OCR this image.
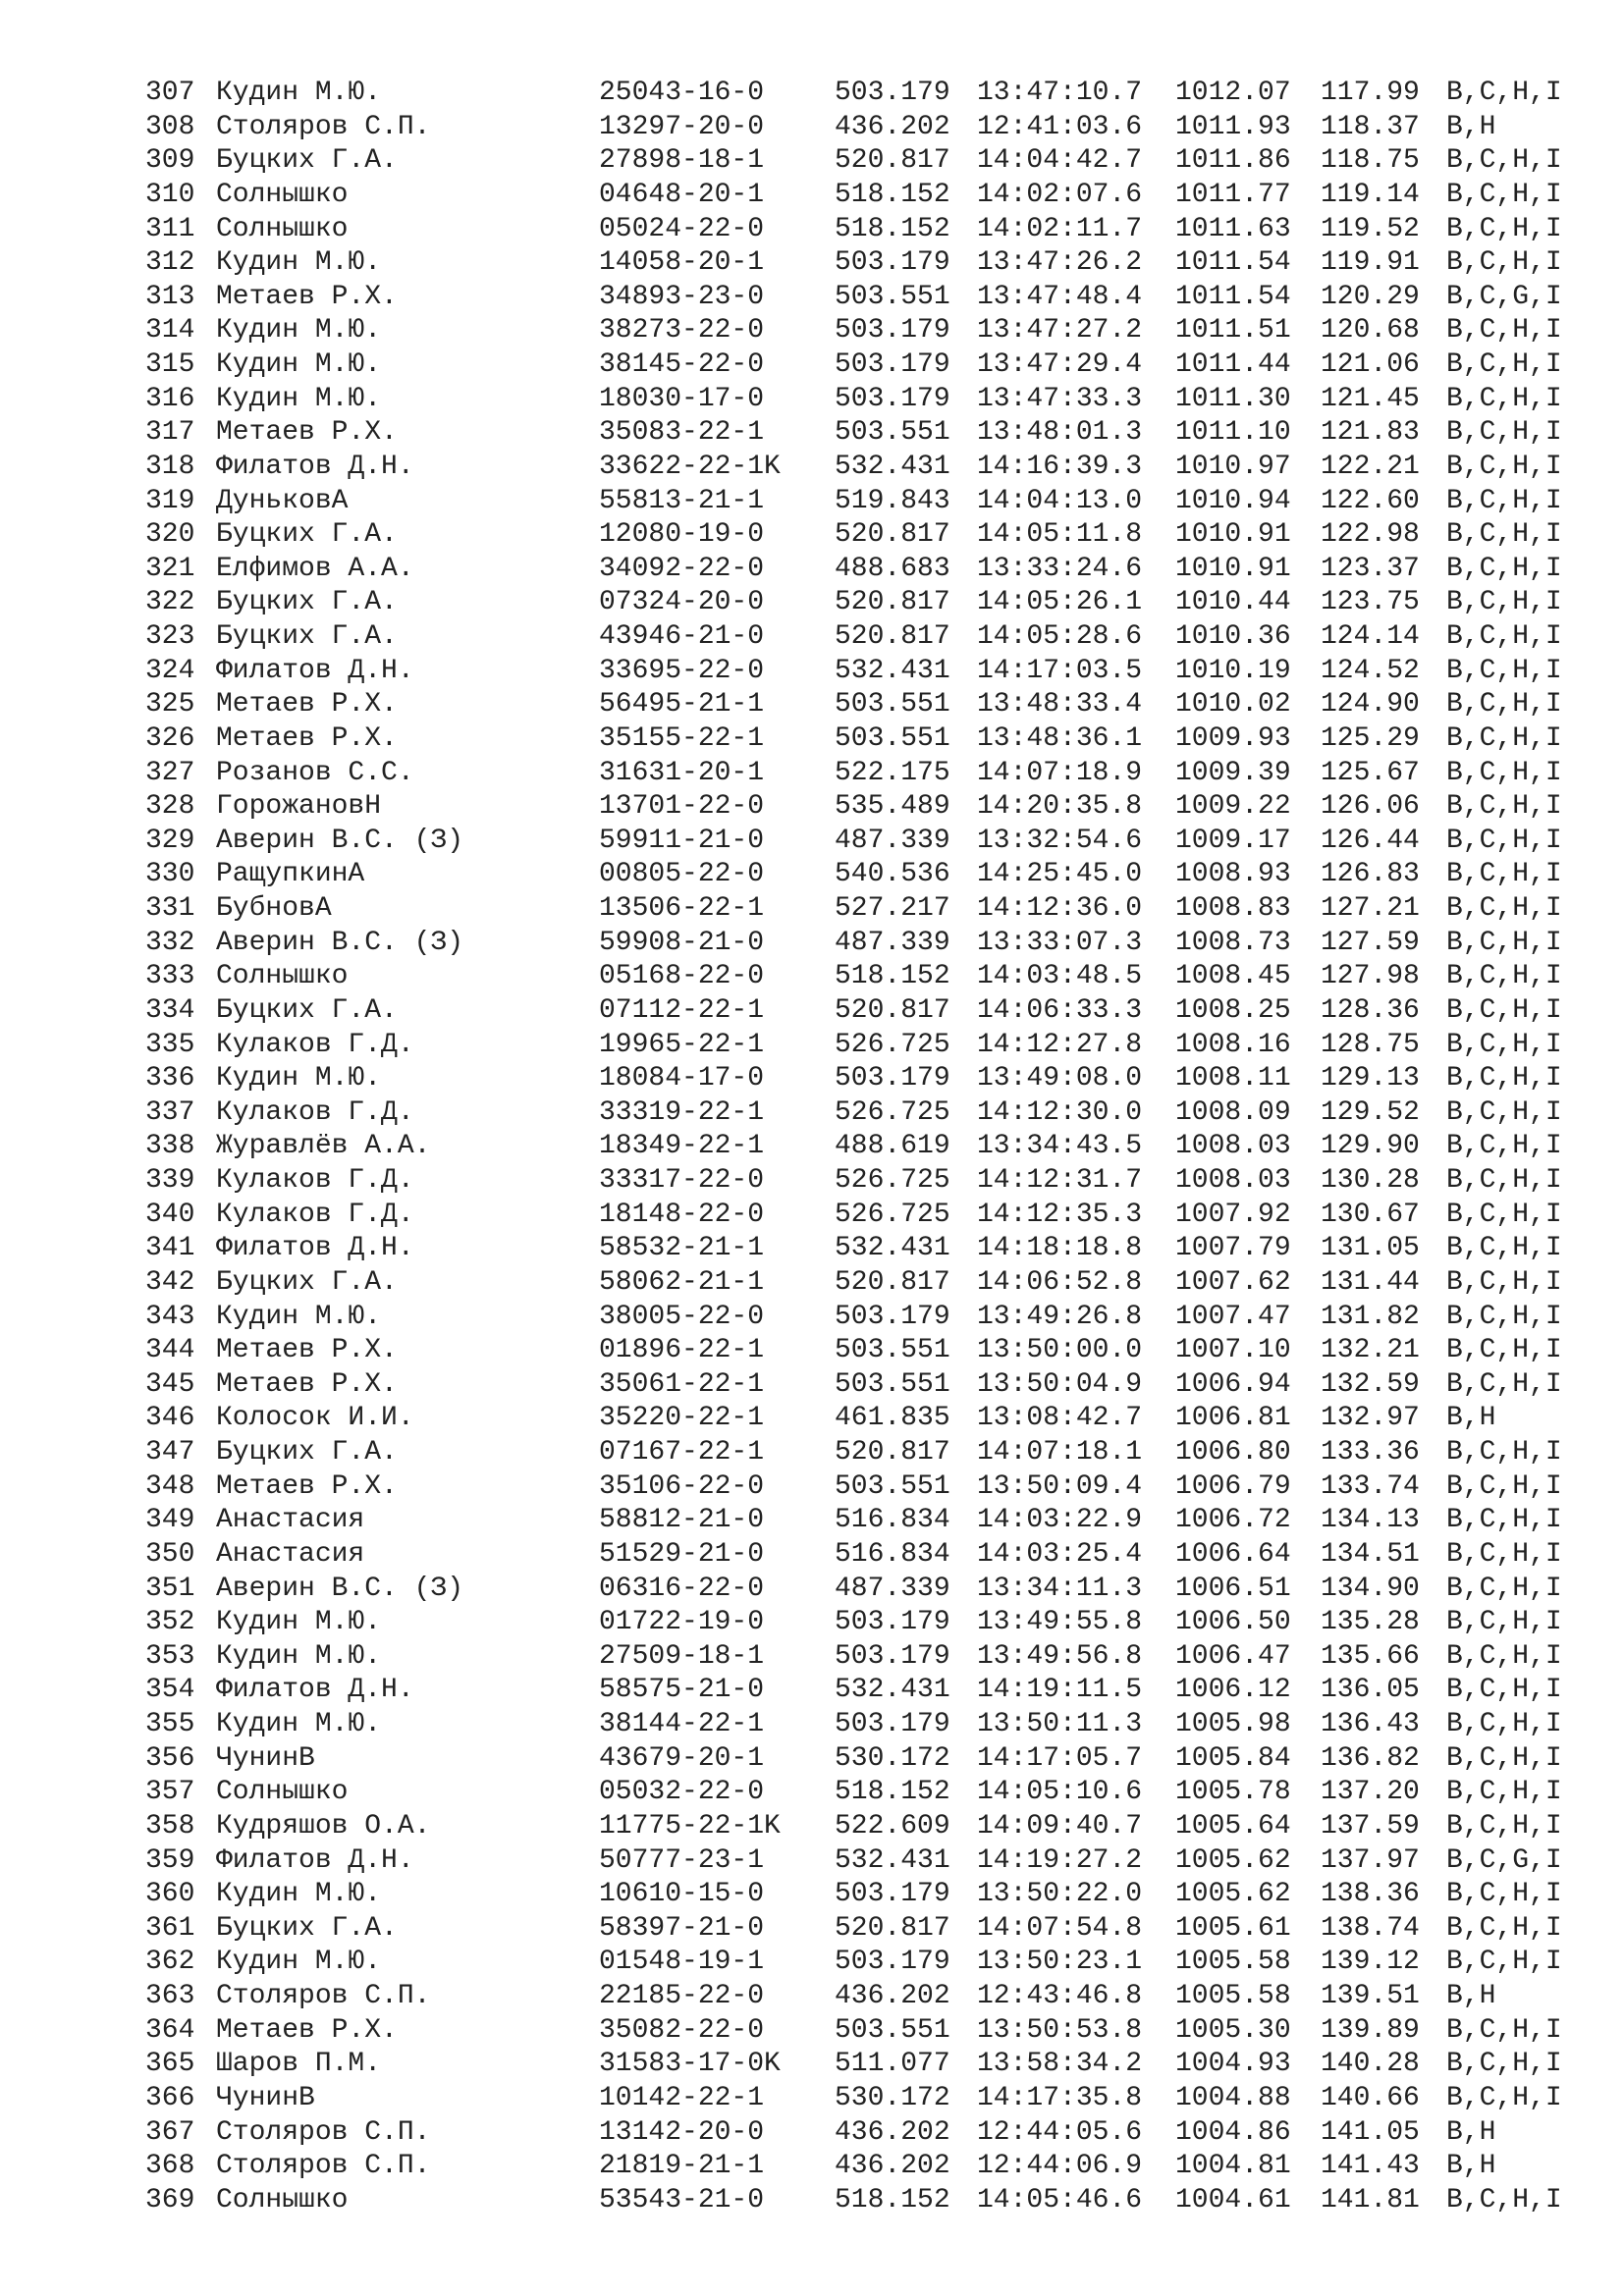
307 Кудин М.Ю.	25043-16-0	503.179 13:47:10.7	1012.07	117.99 B,C,H,I
308 Столяров С.П.	13297-20-0	436.202 12:41:03.6	1011.93	118.37 B,H
309 Буцких Г.А.	27898-18-1	520.817 14:04:42.7	1011.86	118.75 B,C,H,I
310 Солнышко	04648-20-1	518.152 14:02:07.6	1011.77	119.14 B,C,H,I
311 Солнышко	05024-22-0	518.152 14:02:11.7	1011.63	119.52 B,C,H,I
312 Кудин М.Ю.	14058-20-1	503.179 13:47:26.2	1011.54	119.91 B,C,H,I
313 Метаев Р.Х.	34893-23-0	503.551 13:47:48.4	1011.54	120.29 B,C,G,I
314 Кудин М.Ю.	38273-22-0	503.179 13:47:27.2	1011.51	120.68 B,C,H,I
315 Кудин М.Ю.	38145-22-0	503.179 13:47:29.4	1011.44	121.06 B,C,H,I
316 Кудин М.Ю.	18030-17-0	503.179 13:47:33.3	1011.30	121.45 B,C,H,I
317 Метаев Р.Х.	35083-22-1	503.551 13:48:01.3	1011.10	121.83 B,C,H,I
318 Филатов Д.Н.	33622-22-1K	532.431 14:16:39.3	1010.97	122.21 B,C,H,I
319 ДуньковА	55813-21-1	519.843 14:04:13.0	1010.94	122.60 B,C,H,I
320 Буцких Г.А.	12080-19-0	520.817 14:05:11.8	1010.91	122.98 B,C,H,I
321 Елфимов А.А.	34092-22-0	488.683 13:33:24.6	1010.91	123.37 B,C,H,I
322 Буцких Г.А.	07324-20-0	520.817 14:05:26.1	1010.44	123.75 B,C,H,I
323 Буцких Г.А.	43946-21-0	520.817 14:05:28.6	1010.36	124.14 B,C,H,I
324 Филатов Д.Н.	33695-22-0	532.431 14:17:03.5	1010.19	124.52 B,C,H,I
325 Метаев Р.Х.	56495-21-1	503.551 13:48:33.4	1010.02	124.90 B,C,H,I
326 Метаев Р.Х.	35155-22-1	503.551 13:48:36.1	1009.93	125.29 B,C,H,I
327 Розанов С.С.	31631-20-1	522.175 14:07:18.9	1009.39	125.67 B,C,H,I
328 ГорожановН	13701-22-0	535.489 14:20:35.8	1009.22	126.06 B,C,H,I
329 Аверин В.С. (З)	59911-21-0	487.339 13:32:54.6	1009.17	126.44 B,C,H,I
330 РащупкинА	00805-22-0	540.536 14:25:45.0	1008.93	126.83 B,C,H,I
331 БубновА	13506-22-1	527.217 14:12:36.0	1008.83	127.21 B,C,H,I
332 Аверин В.С. (З)	59908-21-0	487.339 13:33:07.3	1008.73	127.59 B,C,H,I
333 Солнышко	05168-22-0	518.152 14:03:48.5	1008.45	127.98 B,C,H,I
334 Буцких Г.А.	07112-22-1	520.817 14:06:33.3	1008.25	128.36 B,C,H,I
335 Кулаков Г.Д.	19965-22-1	526.725 14:12:27.8	1008.16	128.75 B,C,H,I
336 Кудин М.Ю.	18084-17-0	503.179 13:49:08.0	1008.11	129.13 B,C,H,I
337 Кулаков Г.Д.	33319-22-1	526.725 14:12:30.0	1008.09	129.52 B,C,H,I
338 Журавлёв А.А.	18349-22-1	488.619 13:34:43.5	1008.03	129.90 B,C,H,I
339 Кулаков Г.Д.	33317-22-0	526.725 14:12:31.7	1008.03	130.28 B,C,H,I
340 Кулаков Г.Д.	18148-22-0	526.725 14:12:35.3	1007.92	130.67 B,C,H,I
341 Филатов Д.Н.	58532-21-1	532.431 14:18:18.8	1007.79	131.05 B,C,H,I
342 Буцких Г.А.	58062-21-1	520.817 14:06:52.8	1007.62	131.44 B,C,H,I
343 Кудин М.Ю.	38005-22-0	503.179 13:49:26.8	1007.47	131.82 B,C,H,I
344 Метаев Р.Х.	01896-22-1	503.551 13:50:00.0	1007.10	132.21 B,C,H,I
345 Метаев Р.Х.	35061-22-1	503.551 13:50:04.9	1006.94	132.59 B,C,H,I
346 Колосок И.И.	35220-22-1	461.835 13:08:42.7	1006.81	132.97 B,H
347 Буцких Г.А.	07167-22-1	520.817 14:07:18.1	1006.80	133.36 B,C,H,I
348 Метаев Р.Х.	35106-22-0	503.551 13:50:09.4	1006.79	133.74 B,C,H,I
349 Анастасия	58812-21-0	516.834 14:03:22.9	1006.72	134.13 B,C,H,I
350 Анастасия	51529-21-0	516.834 14:03:25.4	1006.64	134.51 B,C,H,I
351 Аверин В.С. (З)	06316-22-0	487.339 13:34:11.3	1006.51	134.90 B,C,H,I
352 Кудин М.Ю.	01722-19-0	503.179 13:49:55.8	1006.50	135.28 B,C,H,I
353 Кудин М.Ю.	27509-18-1	503.179 13:49:56.8	1006.47	135.66 B,C,H,I
354 Филатов Д.Н.	58575-21-0	532.431 14:19:11.5	1006.12	136.05 B,C,H,I
355 Кудин М.Ю.	38144-22-1	503.179 13:50:11.3	1005.98	136.43 B,C,H,I
356 ЧунинВ	43679-20-1	530.172 14:17:05.7	1005.84	136.82 B,C,H,I
357 Солнышко	05032-22-0	518.152 14:05:10.6	1005.78	137.20 B,C,H,I
358 Кудряшов О.А.	11775-22-1K	522.609 14:09:40.7	1005.64	137.59 B,C,H,I
359 Филатов Д.Н.	50777-23-1	532.431 14:19:27.2	1005.62	137.97 B,C,G,I
360 Кудин М.Ю.	10610-15-0	503.179 13:50:22.0	1005.62	138.36 B,C,H,I
361 Буцких Г.А.	58397-21-0	520.817 14:07:54.8	1005.61	138.74 B,C,H,I
362 Кудин М.Ю.	01548-19-1	503.179 13:50:23.1	1005.58	139.12 B,C,H,I
363 Столяров С.П.	22185-22-0	436.202 12:43:46.8	1005.58	139.51 B,H
364 Метаев Р.Х.	35082-22-0	503.551 13:50:53.8	1005.30	139.89 B,C,H,I
365 Шаров П.М.	31583-17-0K	511.077 13:58:34.2	1004.93	140.28 B,C,H,I
366 ЧунинВ	10142-22-1	530.172 14:17:35.8	1004.88	140.66 B,C,H,I
367 Столяров С.П.	13142-20-0	436.202 12:44:05.6	1004.86	141.05 B,H
368 Столяров С.П.	21819-21-1	436.202 12:44:06.9	1004.81	141.43 B,H
369 Солнышко	53543-21-0	518.152 14:05:46.6	1004.61	141.81 B,C,H,I
